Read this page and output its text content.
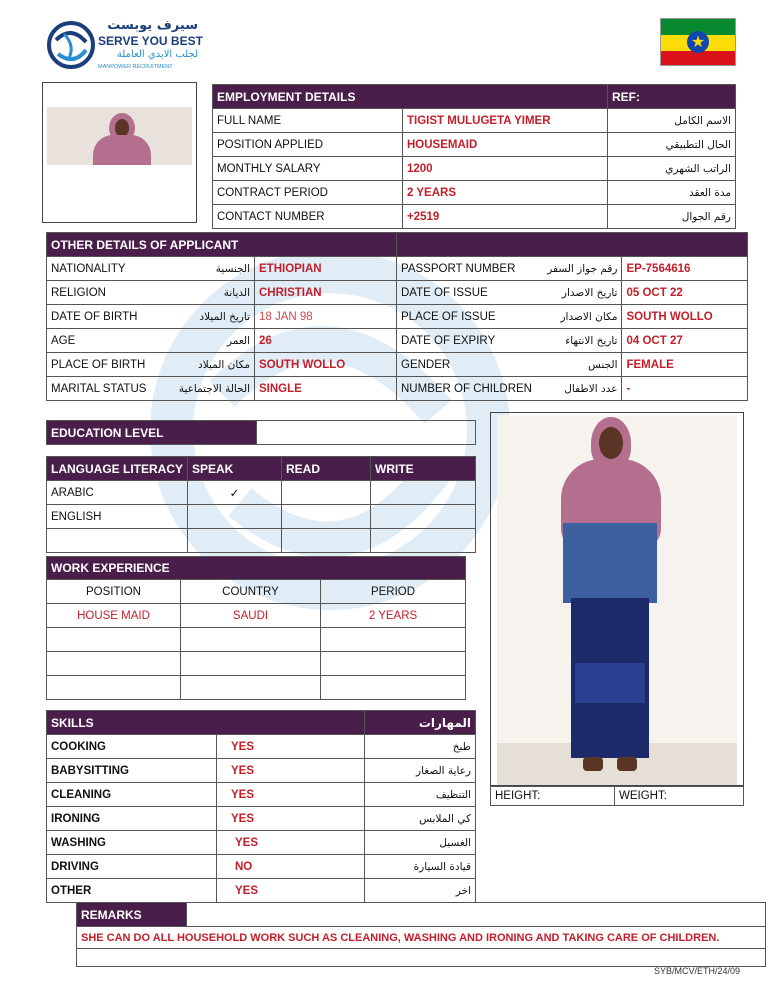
سيرف يوبست
SERVE YOU BEST
لجلب الايدي العاملة
MANPOWER RECRUITMENT
★
EMPLOYMENT DETAILS		REF:
FULL NAME	TIGIST MULUGETA YIMER	الاسم الكامل
POSITION APPLIED	HOUSEMAID	الحال التطبيقي
MONTHLY SALARY	1200	الراتب الشهري
CONTRACT PERIOD	2 YEARS	مدة العقد
CONTACT NUMBER	+2519	رقم الجوال
OTHER DETAILS OF APPLICANT					
NATIONALITY	الجنسية	ETHIOPIAN	PASSPORT NUMBER	رقم جواز السفر	EP-7564616
RELIGION	الديانة	CHRISTIAN	DATE OF ISSUE	تاريخ الاصدار	05 OCT 22
DATE OF BIRTH	تاريخ الميلاد	18 JAN 98	PLACE OF ISSUE	مكان الاصدار	SOUTH WOLLO
AGE	العمر	26	DATE OF EXPIRY	تاريخ الانتهاء	04 OCT 27
PLACE OF BIRTH	مكان الميلاد	SOUTH WOLLO	GENDER	الجنس	FEMALE
MARITAL STATUS	الحالة الاجتماعية	SINGLE	NUMBER OF CHILDREN	عدد الاطفال	-
EDUCATION LEVEL	
LANGUAGE LITERACY	SPEAK	READ	WRITE
ARABIC	✓		
ENGLISH			

WORK EXPERIENCE		
POSITION	COUNTRY	PERIOD
HOUSE MAID	SAUDI	2 YEARS

SKILLS		المهارات
COOKING	YES	طبخ
BABYSITTING	YES	رعاية الصغار
CLEANING	YES	التنظيف
IRONING	YES	كي الملابس
WASHING	YES	الغسيل
DRIVING	NO	قيادة السيارة
OTHER	YES	اخر
HEIGHT:	WEIGHT:
REMARKS	
SHE CAN DO ALL HOUSEHOLD WORK SUCH AS CLEANING, WASHING AND IRONING AND TAKING CARE OF CHILDREN.

SYB/MCV/ETH/24/09
